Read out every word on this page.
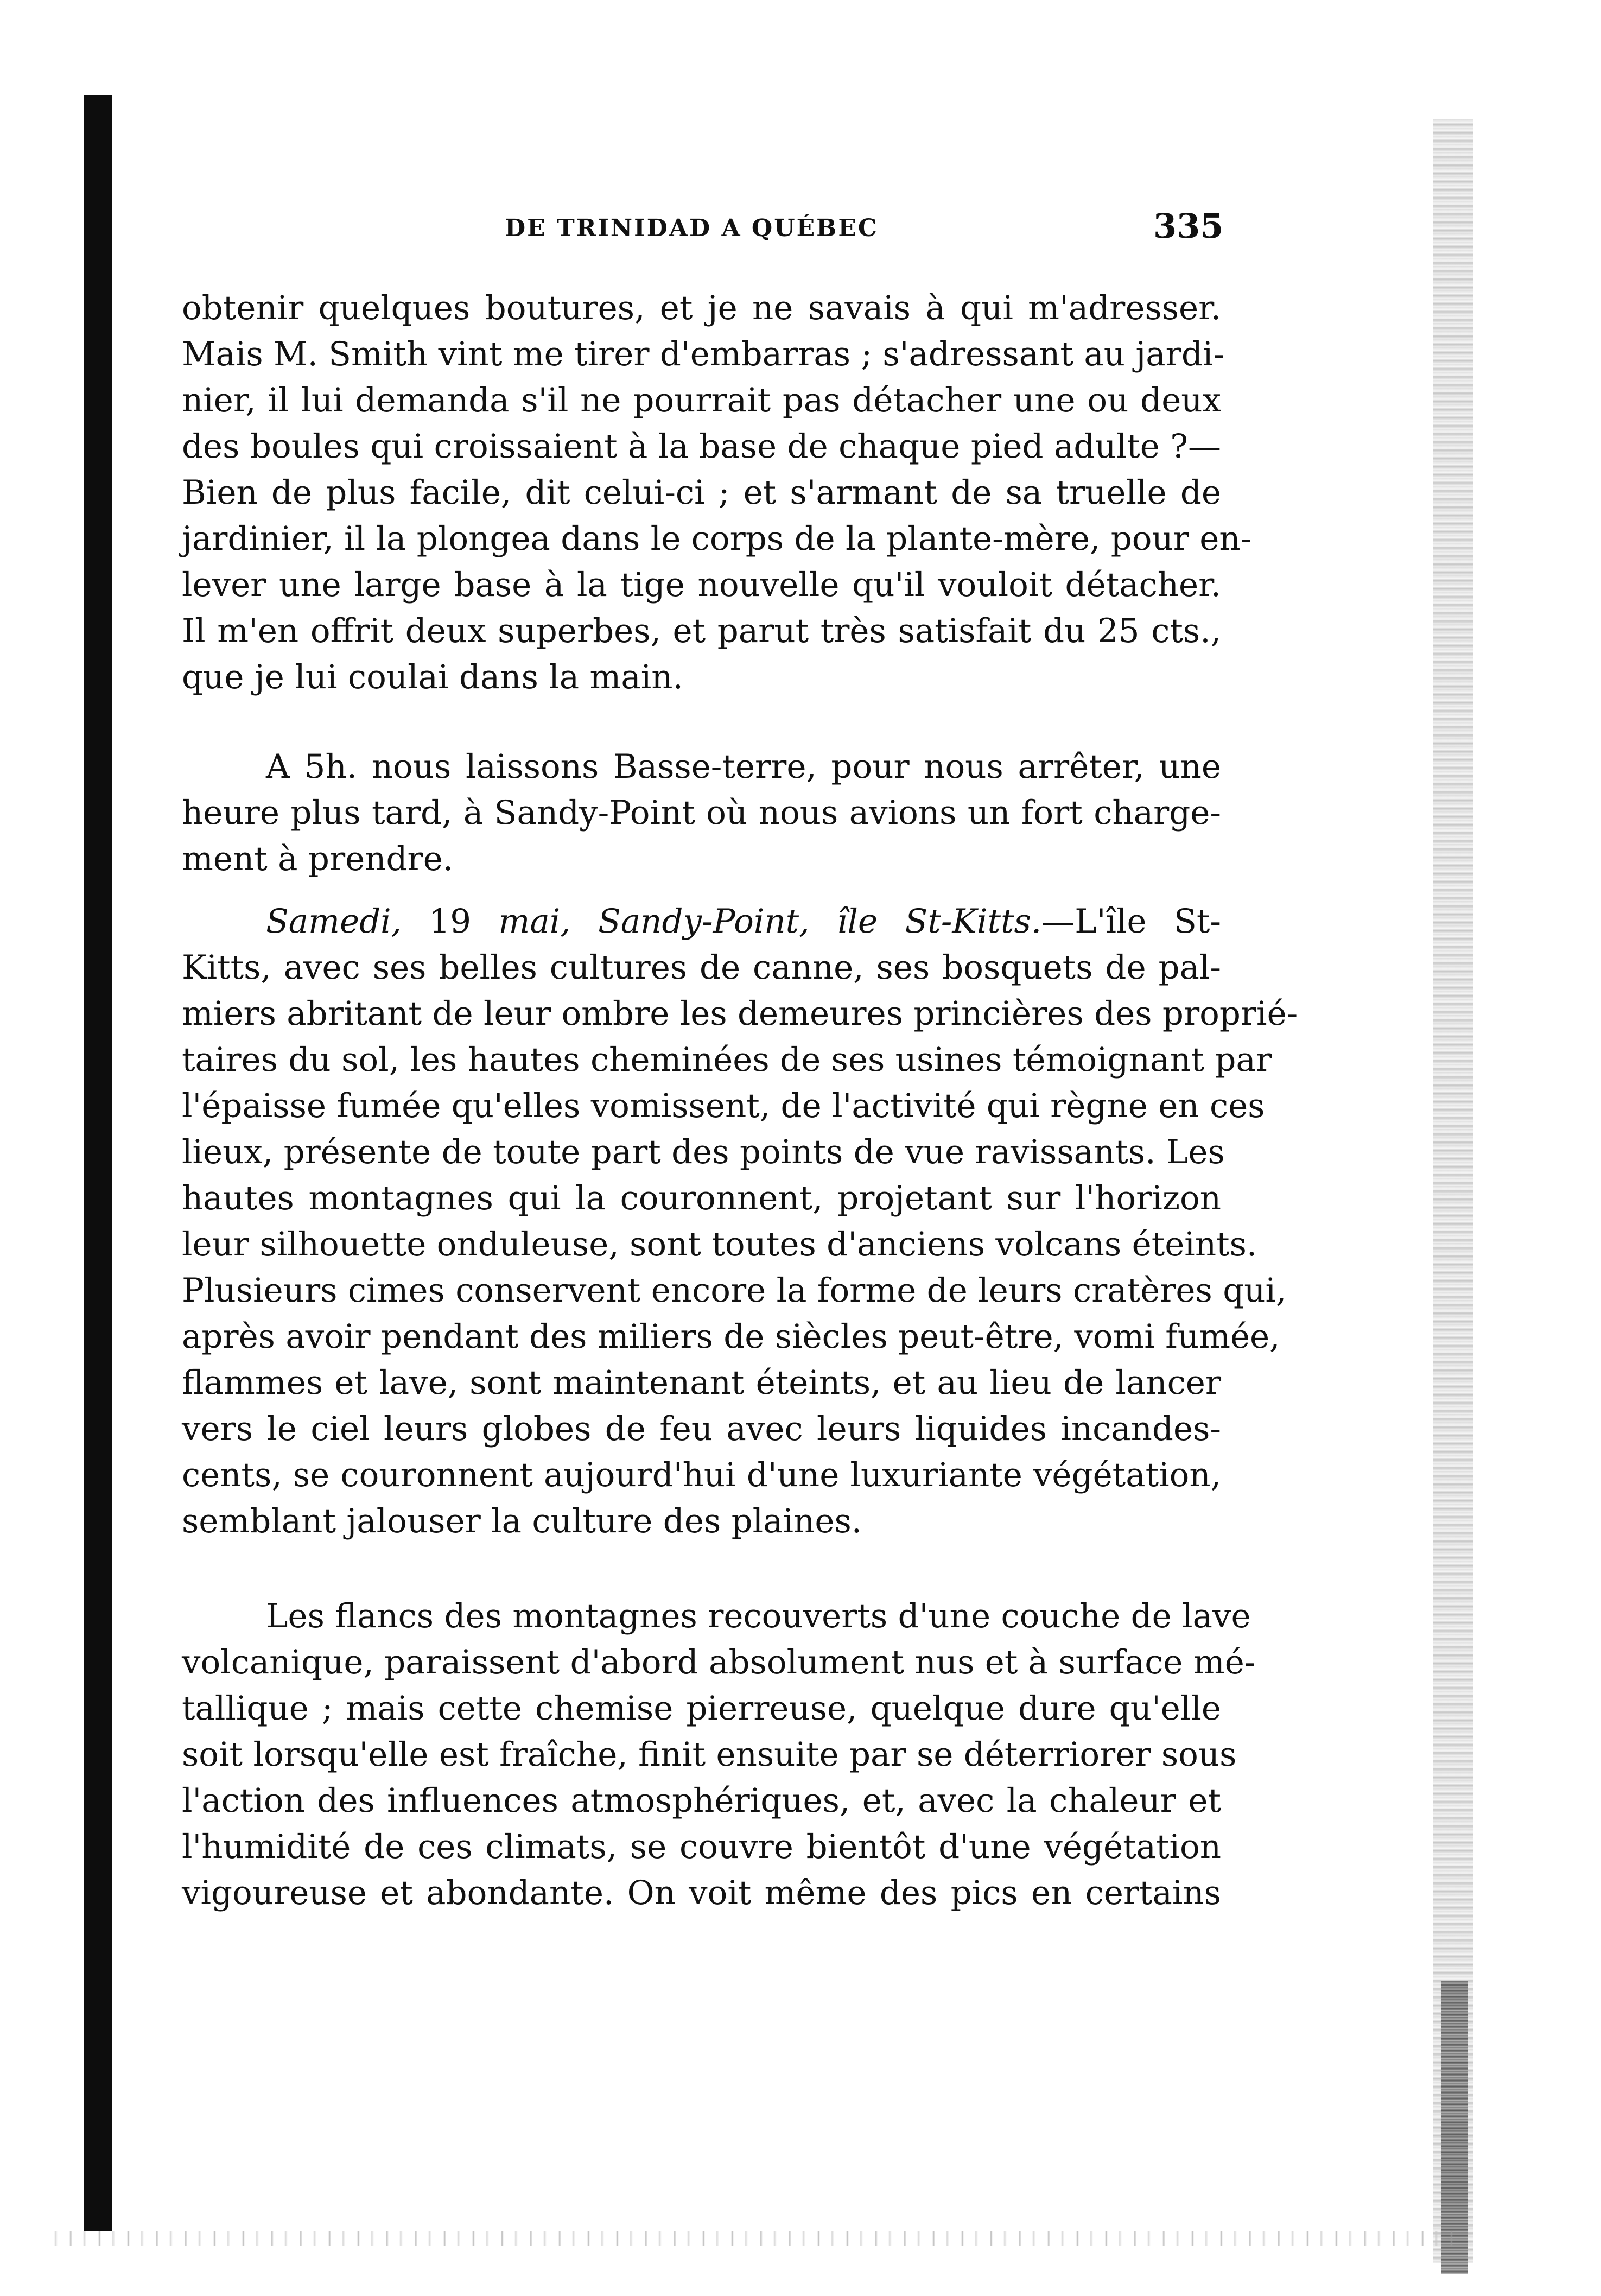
DE TRINIDAD A QUÉBEC	335
obtenir quelques boutures, et je ne savais à qui m'adresser.
Mais M. Smith vint me tirer d'embarras ; s'adressant au jardi-
nier, il lui demanda s'il ne pourrait pas détacher une ou deux
des boules qui croissaient à la base de chaque pied adulte ?—
Bien de plus facile, dit celui-ci ; et s'armant de sa truelle de
jardinier, il la plongea dans le corps de la plante-mère, pour en-
lever une large base à la tige nouvelle qu'il vouloit détacher.
Il m'en offrit deux superbes, et parut très satisfait du 25 cts.,
que je lui coulai dans la main.
A 5h. nous laissons Basse-terre, pour nous arrêter, une
heure plus tard, à Sandy-Point où nous avions un fort charge-
ment à prendre.
Samedi, 19 mai, Sandy-Point, île St-Kitts.—L'île St-
Kitts, avec ses belles cultures de canne, ses bosquets de pal-
miers abritant de leur ombre les demeures princières des proprié-
taires du sol, les hautes cheminées de ses usines témoignant par
l'épaisse fumée qu'elles vomissent, de l'activité qui règne en ces
lieux, présente de toute part des points de vue ravissants. Les
hautes montagnes qui la couronnent, projetant sur l'horizon
leur silhouette onduleuse, sont toutes d'anciens volcans éteints.
Plusieurs cimes conservent encore la forme de leurs cratères qui,
après avoir pendant des miliers de siècles peut-être, vomi fumée,
flammes et lave, sont maintenant éteints, et au lieu de lancer
vers le ciel leurs globes de feu avec leurs liquides incandes-
cents, se couronnent aujourd'hui d'une luxuriante végétation,
semblant jalouser la culture des plaines.
Les flancs des montagnes recouverts d'une couche de lave
volcanique, paraissent d'abord absolument nus et à surface mé-
tallique ; mais cette chemise pierreuse, quelque dure qu'elle
soit lorsqu'elle est fraîche, finit ensuite par se déterriorer sous
l'action des influences atmosphériques, et, avec la chaleur et
l'humidité de ces climats, se couvre bientôt d'une végétation
vigoureuse et abondante. On voit même des pics en certains
